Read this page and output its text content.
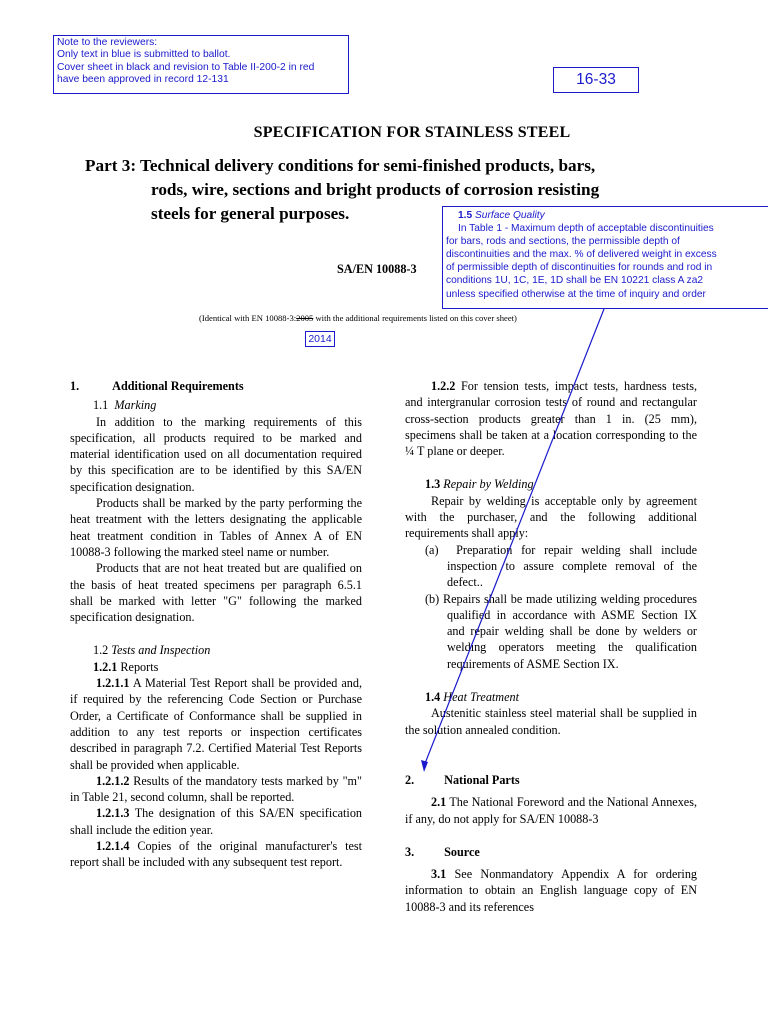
Note to the reviewers:
Only text in blue is submitted to ballot.
Cover sheet in black and revision to Table II-200-2 in red
have been approved in record 12-131	16-33
SPECIFICATION FOR STAINLESS STEEL
Part 3: Technical delivery conditions for semi-finished products, bars,
rods, wire, sections and bright products of corrosion resisting
steels for general purposes.
SA/EN 10088-3
(Identical with EN 10088-3:2005 with the additional requirements listed on this cover sheet)
2014

1.	Additional Requirements

1.1 Marking

In addition to the marking requirements of this specification, all products required to be marked and material identification used on all documentation required by this specification are to be identified by this SA/EN specification designation.

Products shall be marked by the party performing the heat treatment with the letters designating the applicable heat treatment condition in Tables of Annex A of EN 10088-3 following the marked steel name or number.

Products that are not heat treated but are qualified on the basis of heat treated specimens per paragraph 6.5.1 shall be marked with letter "G" following the marked specification designation.

1.2 Tests and Inspection

1.2.1 Reports

1.2.1.1 A Material Test Report shall be provided and, if required by the referencing Code Section or Purchase Order, a Certificate of Conformance shall be supplied in addition to any test reports or inspection certificates described in paragraph 7.2. Certified Material Test Reports shall be provided when applicable.

1.2.1.2 Results of the mandatory tests marked by "m" in Table 21, second column, shall be reported.

1.2.1.3 The designation of this SA/EN specification shall include the edition year.

1.2.1.4 Copies of the original manufacturer's test report shall be included with any subsequent test report.

1.2.2 For tension tests, impact tests, hardness tests, and intergranular corrosion tests of round and rectangular cross-section products greater than 1 in. (25 mm), specimens shall be taken at a location corresponding to the ¼ T plane or deeper.

1.3 Repair by Welding

Repair by welding is acceptable only by agreement with the purchaser, and the following additional requirements shall apply:

(a)  Preparation for repair welding shall include inspection to assure complete removal of the defect..

(b) Repairs shall be made utilizing welding procedures qualified in accordance with ASME Section IX and repair welding shall be done by welders or welding operators meeting the qualification requirements of ASME Section IX.

1.4 Heat Treatment

Austenitic stainless steel material shall be supplied in the solution annealed condition.

2. National Parts

2.1 The National Foreword and the National Annexes, if any, do not apply for SA/EN 10088-3

3. Source

3.1 See Nonmandatory Appendix A for ordering information to obtain an English language copy of EN 10088-3 and its references

1.5 Surface Quality
In Table 1 - Maximum depth of acceptable discontinuities
for bars, rods and sections, the permissible depth of
discontinuities and the max. % of delivered weight in excess
of permissible depth of discontinuities for rounds and rod in
conditions 1U, 1C, 1E, 1D shall be EN 10221 class A za2
unless specified otherwise at the time of inquiry and order
